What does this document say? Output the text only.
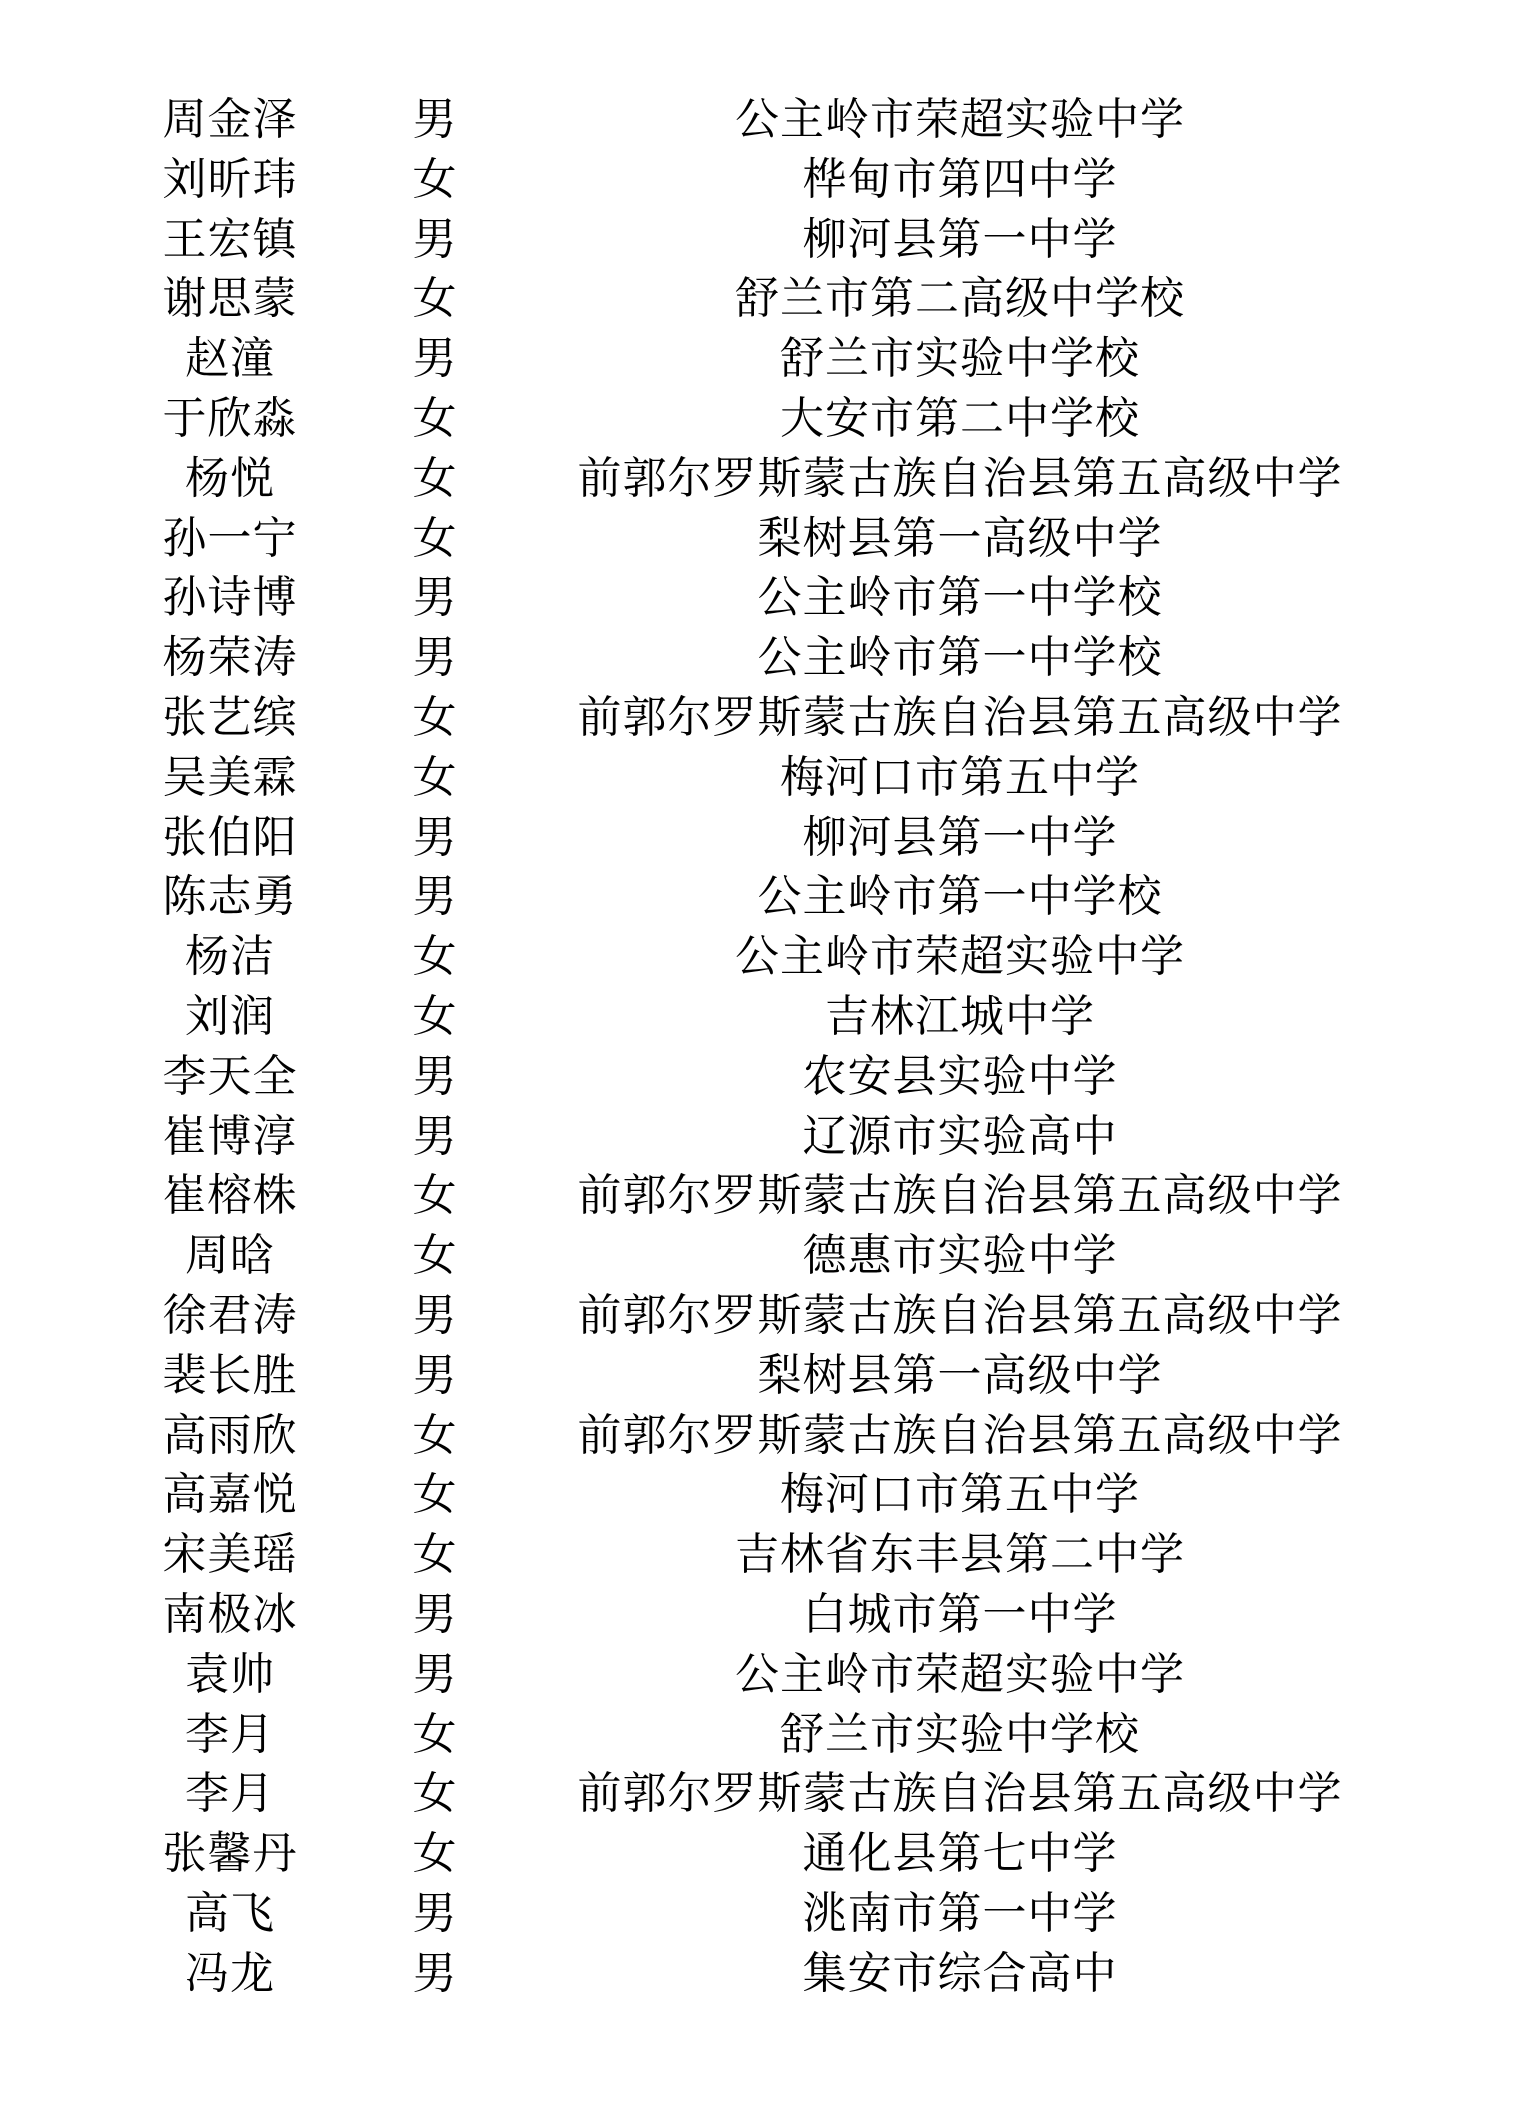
周金泽	男	公主岭市荣超实验中学
刘昕玮	女	桦甸市第四中学
王宏镇	男	柳河县第一中学
谢思蒙	女	舒兰市第二高级中学校
赵潼	男	舒兰市实验中学校
于欣淼	女	大安市第二中学校
杨悦	女	前郭尔罗斯蒙古族自治县第五高级中学
孙一宁	女	梨树县第一高级中学
孙诗博	男	公主岭市第一中学校
杨荣涛	男	公主岭市第一中学校
张艺缤	女	前郭尔罗斯蒙古族自治县第五高级中学
吴美霖	女	梅河口市第五中学
张伯阳	男	柳河县第一中学
陈志勇	男	公主岭市第一中学校
杨洁	女	公主岭市荣超实验中学
刘润	女	吉林江城中学
李天全	男	农安县实验中学
崔博淳	男	辽源市实验高中
崔榕株	女	前郭尔罗斯蒙古族自治县第五高级中学
周晗	女	德惠市实验中学
徐君涛	男	前郭尔罗斯蒙古族自治县第五高级中学
裴长胜	男	梨树县第一高级中学
高雨欣	女	前郭尔罗斯蒙古族自治县第五高级中学
高嘉悦	女	梅河口市第五中学
宋美瑶	女	吉林省东丰县第二中学
南极冰	男	白城市第一中学
袁帅	男	公主岭市荣超实验中学
李月	女	舒兰市实验中学校
李月	女	前郭尔罗斯蒙古族自治县第五高级中学
张馨丹	女	通化县第七中学
高飞	男	洮南市第一中学
冯龙	男	集安市综合高中
